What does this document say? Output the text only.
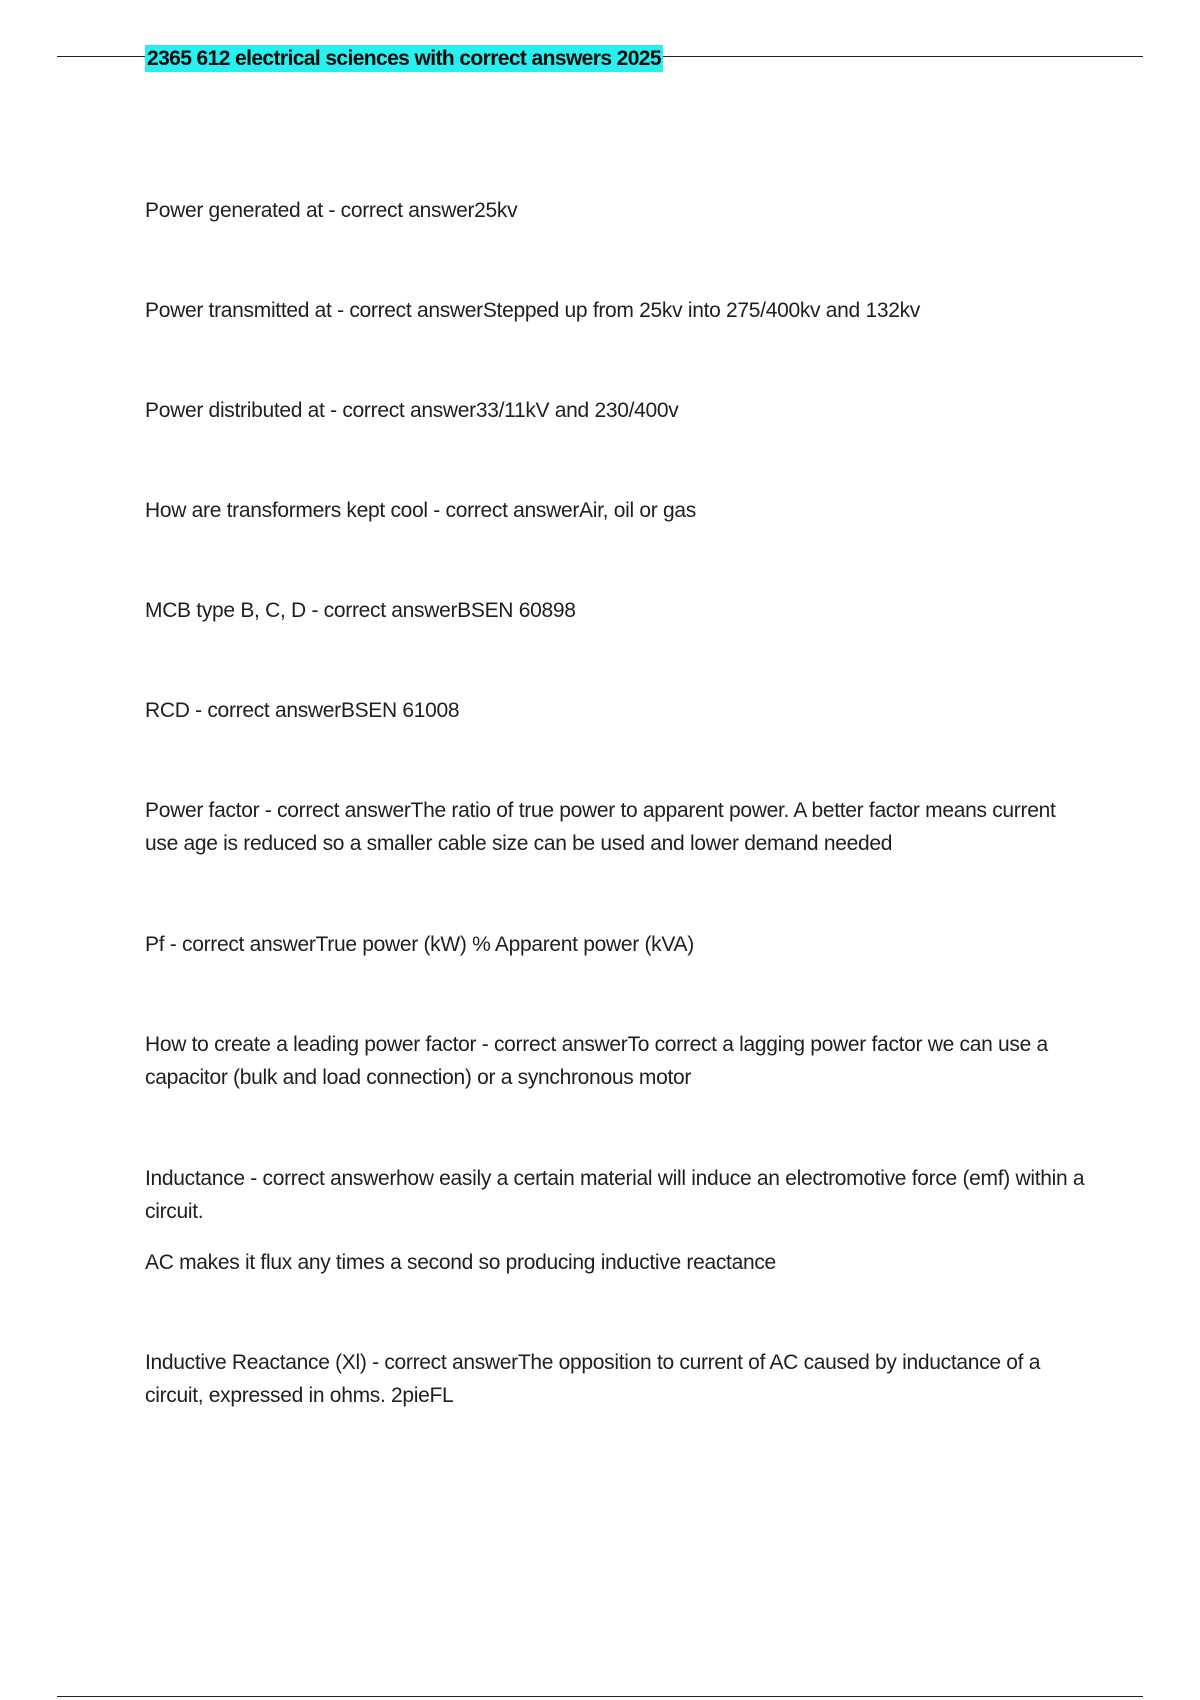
2365 612 electrical sciences with correct answers 2025

Power generated at - correct answer25kv

Power transmitted at - correct answerStepped up from 25kv into 275/400kv and 132kv

Power distributed at - correct answer33/11kV and 230/400v

How are transformers kept cool - correct answerAir, oil or gas

MCB type B, C, D - correct answerBSEN 60898

RCD - correct answerBSEN 61008

Power factor - correct answerThe ratio of true power to apparent power. A better factor means current use age is reduced so a smaller cable size can be used and lower demand needed

Pf - correct answerTrue power (kW) % Apparent power (kVA)

How to create a leading power factor - correct answerTo correct a lagging power factor we can use a capacitor (bulk and load connection) or a synchronous motor

Inductance - correct answerhow easily a certain material will induce an electromotive force (emf) within a circuit.
AC makes it flux any times a second so producing inductive reactance

Inductive Reactance (Xl) - correct answerThe opposition to current of AC caused by inductance of a circuit, expressed in ohms. 2pieFL
